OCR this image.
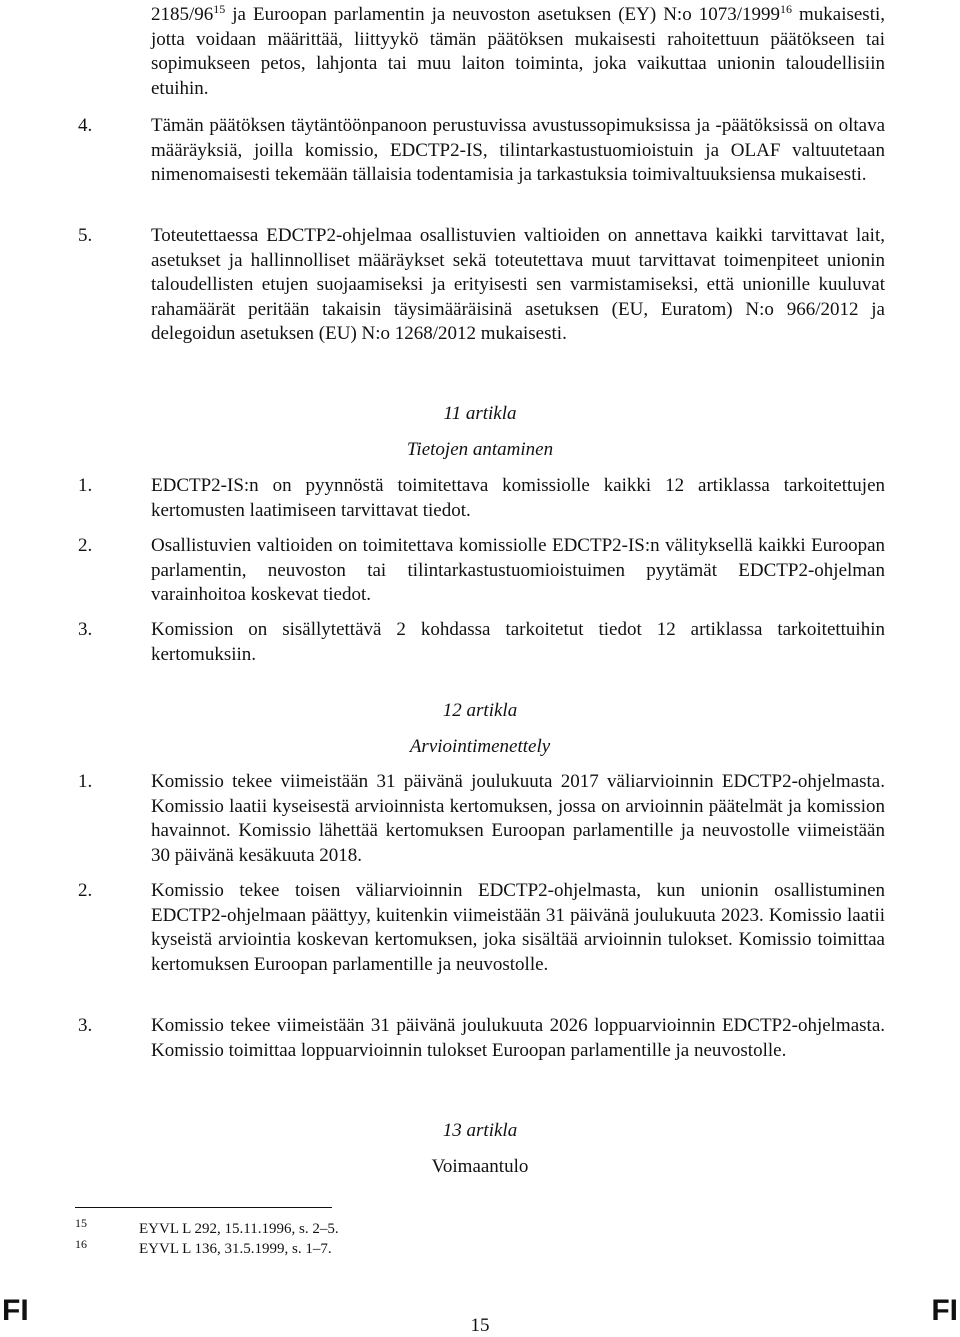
$2185/96^{15}$ ja Euroopan parlamentin ja neuvoston asetuksen (EY) N:o 1073/1999$^{16}$ mukaisesti, jotta voidaan määrittää, liittyykö tämän päätöksen mukaisesti rahoitettuun päätökseen tai sopimukseen petos, lahjonta tai muu laiton toiminta, joka vaikuttaa unionin taloudellisiin etuihin.

4.	Tämän päätöksen täytäntöönpanoon perustuvissa avustussopimuksissa ja -päätöksissä on oltava määräyksiä, joilla komissio, EDCTP2-IS, tilintarkastustuomioistuin ja OLAF valtuutetaan nimenomaisesti tekemään tällaisia todentamisia ja tarkastuksia toimivaltuuksiensa mukaisesti.

5.	Toteutettaessa EDCTP2-ohjelmaa osallistuvien valtioiden on annettava kaikki tarvittavat lait, asetukset ja hallinnolliset määräykset sekä toteutettava muut tarvittavat toimenpiteet unionin taloudellisten etujen suojaamiseksi ja erityisesti sen varmistamiseksi, että unionille kuuluvat rahamäärät peritään takaisin täysimääräisinä asetuksen (EU, Euratom) N:o 966/2012 ja delegoidun asetuksen (EU) N:o 1268/2012 mukaisesti.

11 artikla

Tietojen antaminen

1.	EDCTP2-IS:n on pyynnöstä toimitettava komissiolle kaikki 12 artiklassa tarkoitettujen kertomusten laatimiseen tarvittavat tiedot.

2.	Osallistuvien valtioiden on toimitettava komissiolle EDCTP2-IS:n välityksellä kaikki Euroopan parlamentin, neuvoston tai tilintarkastustuomioistuimen pyytämät EDCTP2-ohjelman varainhoitoa koskevat tiedot.

3.	Komission on sisällytettävä 2 kohdassa tarkoitetut tiedot 12 artiklassa tarkoitettuihin kertomuksiin.

12 artikla

Arviointimenettely

1.	Komissio tekee viimeistään 31 päivänä joulukuuta 2017 väliarvioinnin EDCTP2-ohjelmasta. Komissio laatii kyseisestä arvioinnista kertomuksen, jossa on arvioinnin päätelmät ja komission havainnot. Komissio lähettää kertomuksen Euroopan parlamentille ja neuvostolle viimeistään 30 päivänä kesäkuuta 2018.

2.	Komissio tekee toisen väliarvioinnin EDCTP2-ohjelmasta, kun unionin osallistuminen EDCTP2-ohjelmaan päättyy, kuitenkin viimeistään 31 päivänä joulukuuta 2023. Komissio laatii kyseistä arviointia koskevan kertomuksen, joka sisältää arvioinnin tulokset. Komissio toimittaa kertomuksen Euroopan parlamentille ja neuvostolle.

3.	Komissio tekee viimeistään 31 päivänä joulukuuta 2026 loppuarvioinnin EDCTP2-ohjelmasta. Komissio toimittaa loppuarvioinnin tulokset Euroopan parlamentille ja neuvostolle.

13 artikla

Voimaantulo

15	EYVL L 292, 15.11.1996, s. 2–5.
16	EYVL L 136, 31.5.1999, s. 1–7.
FI	15	FI
